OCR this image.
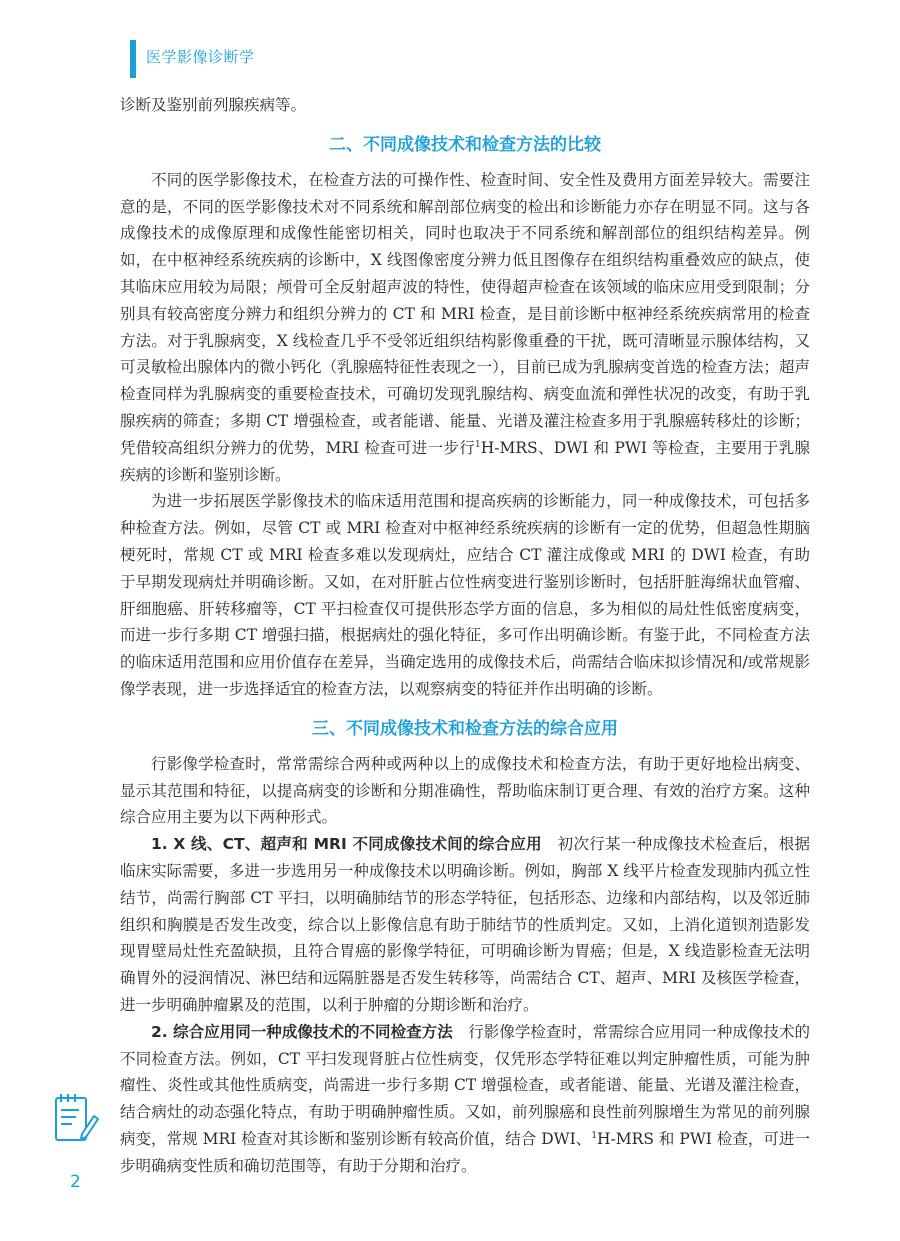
医学影像诊断学

诊断及鉴别前列腺疾病等。

二、不同成像技术和检查方法的比较

不同的医学影像技术，在检查方法的可操作性、检查时间、安全性及费用方面差异较大。需要注意的是，不同的医学影像技术对不同系统和解剖部位病变的检出和诊断能力亦存在明显不同。这与各成像技术的成像原理和成像性能密切相关，同时也取决于不同系统和解剖部位的组织结构差异。例如，在中枢神经系统疾病的诊断中，X 线图像密度分辨力低且图像存在组织结构重叠效应的缺点，使其临床应用较为局限；颅骨可全反射超声波的特性，使得超声检查在该领域的临床应用受到限制；分别具有较高密度分辨力和组织分辨力的 CT 和 MRI 检查，是目前诊断中枢神经系统疾病常用的检查方法。对于乳腺病变，X 线检查几乎不受邻近组织结构影像重叠的干扰，既可清晰显示腺体结构，又可灵敏检出腺体内的微小钙化（乳腺癌特征性表现之一），目前已成为乳腺病变首选的检查方法；超声检查同样为乳腺病变的重要检查技术，可确切发现乳腺结构、病变血流和弹性状况的改变，有助于乳腺疾病的筛查；多期 CT 增强检查，或者能谱、能量、光谱及灌注检查多用于乳腺癌转移灶的诊断；凭借较高组织分辨力的优势，MRI 检查可进一步行$^1$H-MRS、DWI 和 PWI 等检查，主要用于乳腺疾病的诊断和鉴别诊断。

为进一步拓展医学影像技术的临床适用范围和提高疾病的诊断能力，同一种成像技术，可包括多种检查方法。例如，尽管 CT 或 MRI 检查对中枢神经系统疾病的诊断有一定的优势，但超急性期脑梗死时，常规 CT 或 MRI 检查多难以发现病灶，应结合 CT 灌注成像或 MRI 的 DWI 检查，有助于早期发现病灶并明确诊断。又如，在对肝脏占位性病变进行鉴别诊断时，包括肝脏海绵状血管瘤、肝细胞癌、肝转移瘤等，CT 平扫检查仅可提供形态学方面的信息，多为相似的局灶性低密度病变，而进一步行多期 CT 增强扫描，根据病灶的强化特征，多可作出明确诊断。有鉴于此，不同检查方法的临床适用范围和应用价值存在差异，当确定选用的成像技术后，尚需结合临床拟诊情况和/或常规影像学表现，进一步选择适宜的检查方法，以观察病变的特征并作出明确的诊断。

三、不同成像技术和检查方法的综合应用

行影像学检查时，常常需综合两种或两种以上的成像技术和检查方法，有助于更好地检出病变、显示其范围和特征，以提高病变的诊断和分期准确性，帮助临床制订更合理、有效的治疗方案。这种综合应用主要为以下两种形式。

1. X 线、CT、超声和 MRI 不同成像技术间的综合应用　初次行某一种成像技术检查后，根据临床实际需要，多进一步选用另一种成像技术以明确诊断。例如，胸部 X 线平片检查发现肺内孤立性结节，尚需行胸部 CT 平扫，以明确肺结节的形态学特征，包括形态、边缘和内部结构，以及邻近肺组织和胸膜是否发生改变，综合以上影像信息有助于肺结节的性质判定。又如，上消化道钡剂造影发现胃壁局灶性充盈缺损，且符合胃癌的影像学特征，可明确诊断为胃癌；但是，X 线造影检查无法明确胃外的浸润情况、淋巴结和远隔脏器是否发生转移等，尚需结合 CT、超声、MRI 及核医学检查，进一步明确肿瘤累及的范围，以利于肿瘤的分期诊断和治疗。

2. 综合应用同一种成像技术的不同检查方法　行影像学检查时，常需综合应用同一种成像技术的不同检查方法。例如，CT 平扫发现肾脏占位性病变，仅凭形态学特征难以判定肿瘤性质，可能为肿瘤性、炎性或其他性质病变，尚需进一步行多期 CT 增强检查，或者能谱、能量、光谱及灌注检查，结合病灶的动态强化特点，有助于明确肿瘤性质。又如，前列腺癌和良性前列腺增生为常见的前列腺病变，常规 MRI 检查对其诊断和鉴别诊断有较高价值，结合 DWI、$^1$H-MRS 和 PWI 检查，可进一步明确病变性质和确切范围等，有助于分期和治疗。

2
